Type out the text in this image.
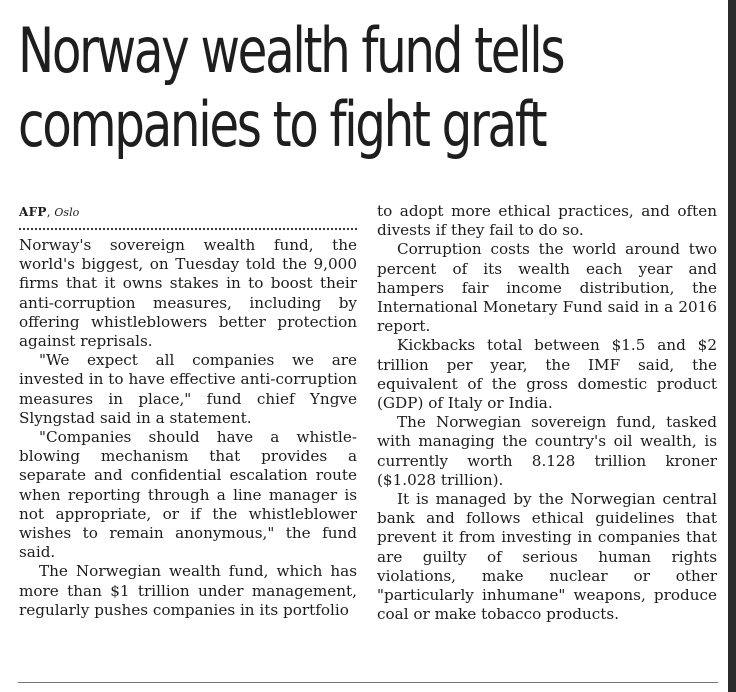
Norway wealth fund tells
companies to fight graft
AFP, Oslo

Norway's sovereign wealth fund, the world's biggest, on Tuesday told the 9,000 firms that it owns stakes in to boost their anti-corruption measures, including by offering whistleblowers better protection against reprisals.

"We expect all companies we are invested in to have effective anti-corruption measures in place," fund chief Yngve Slyngstad said in a statement.

"Companies should have a whistle-blowing mechanism that provides a separate and confidential escalation route when reporting through a line manager is not appropriate, or if the whistleblower wishes to remain anonymous," the fund said.

The Norwegian wealth fund, which has more than $1 trillion under management, regularly pushes companies in its portfolio

to adopt more ethical practices, and often divests if they fail to do so.

Corruption costs the world around two percent of its wealth each year and hampers fair income distribution, the International Monetary Fund said in a 2016 report.

Kickbacks total between $1.5 and $2 trillion per year, the IMF said, the equivalent of the gross domestic product (GDP) of Italy or India.

The Norwegian sovereign fund, tasked with managing the country's oil wealth, is currently worth 8.128 trillion kroner ($1.028 trillion).

It is managed by the Norwegian central bank and follows ethical guidelines that prevent it from investing in companies that are guilty of serious human rights violations, make nuclear or other "particularly inhumane" weapons, produce coal or make tobacco products.
